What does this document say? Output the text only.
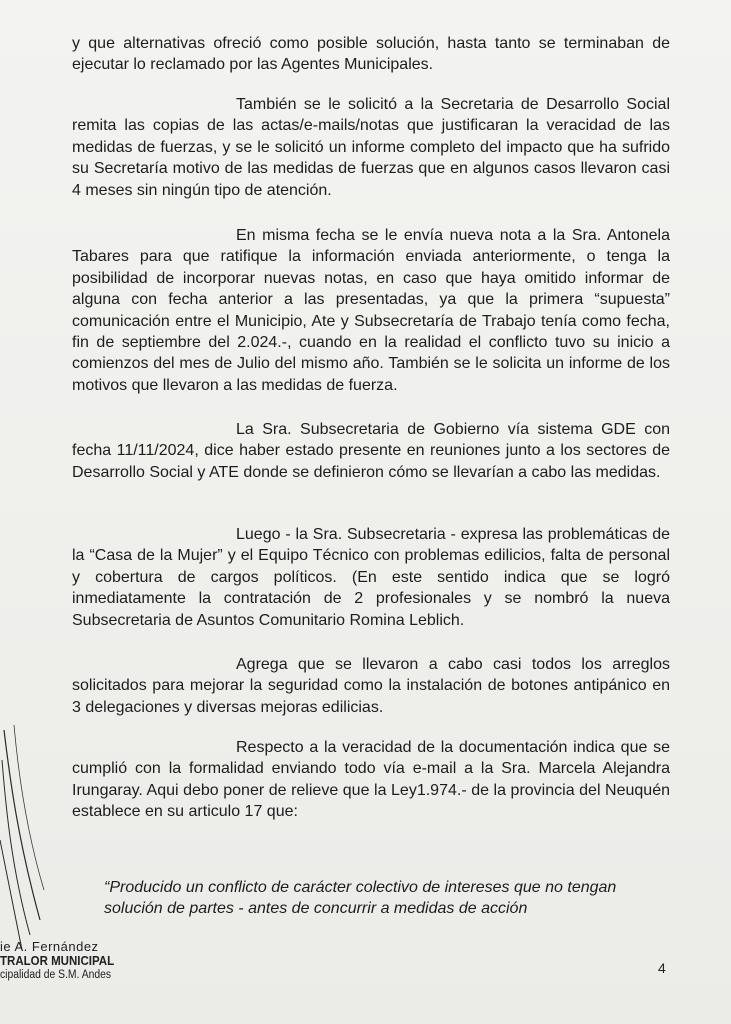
y que alternativas ofreció como posible solución, hasta tanto se terminaban de ejecutar lo reclamado por las Agentes Municipales.

También se le solicitó a la Secretaria de Desarrollo Social remita las copias de las actas/e-mails/notas que justificaran la veracidad de las medidas de fuerzas, y se le solicitó un informe completo del impacto que ha sufrido su Secretaría motivo de las medidas de fuerzas que en algunos casos llevaron casi 4 meses sin ningún tipo de atención.

En misma fecha se le envía nueva nota a la Sra. Antonela Tabares para que ratifique la información enviada anteriormente, o tenga la posibilidad de incorporar nuevas notas, en caso que haya omitido informar de alguna con fecha anterior a las presentadas, ya que la primera “supuesta” comunicación entre el Municipio, Ate y Subsecretaría de Trabajo tenía como fecha, fin de septiembre del 2.024.-, cuando en la realidad el conflicto tuvo su inicio a comienzos del mes de Julio del mismo año. También se le solicita un informe de los motivos que llevaron a las medidas de fuerza.

La Sra. Subsecretaria de Gobierno vía sistema GDE con fecha 11/11/2024, dice haber estado presente en reuniones junto a los sectores de Desarrollo Social y ATE donde se definieron cómo se llevarían a cabo las medidas.

Luego - la Sra. Subsecretaria - expresa las problemáticas de la “Casa de la Mujer” y el Equipo Técnico con problemas edilicios, falta de personal y cobertura de cargos políticos. (En este sentido indica que se logró inmediatamente la contratación de 2 profesionales y se nombró la nueva Subsecretaria de Asuntos Comunitario Romina Leblich.

Agrega que se llevaron a cabo casi todos los arreglos solicitados para mejorar la seguridad como la instalación de botones antipánico en 3 delegaciones y diversas mejoras edilicias.

Respecto a la veracidad de la documentación indica que se cumplió con la formalidad enviando todo vía e-mail a la Sra. Marcela Alejandra Irungaray. Aqui debo poner de relieve que la Ley1.974.- de la provincia del Neuquén establece en su articulo 17 que:

“Producido un conflicto de carácter colectivo de intereses que no tengan solución de partes - antes de concurrir a medidas de acción

ie A. Fernández
TRALOR MUNICIPAL
cipalidad de S.M. Andes	4
